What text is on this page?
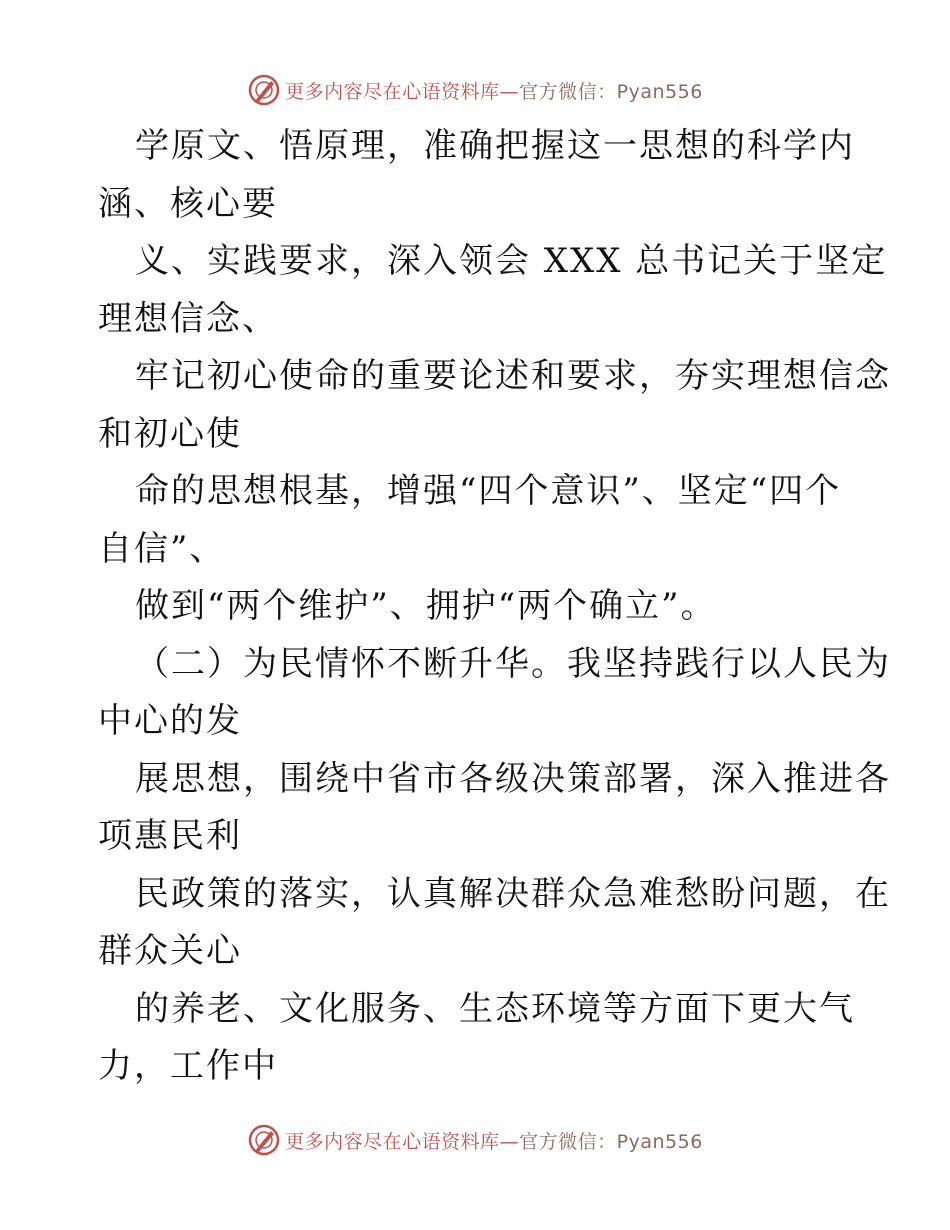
更多内容尽在心语资料库—官方微信：Pyan556
学原文、悟原理，准确把握这一思想的科学内
涵、核心要
义、实践要求，深入领会 XXX 总书记关于坚定
理想信念、
牢记初心使命的重要论述和要求，夯实理想信念
和初心使
命的思想根基，增强“四个意识”、坚定“四个
自信”、
做到“两个维护”、拥护“两个确立”。
（二）为民情怀不断升华。我坚持践行以人民为
中心的发
展思想，围绕中省市各级决策部署，深入推进各
项惠民利
民政策的落实，认真解决群众急难愁盼问题，在
群众关心
的养老、文化服务、生态环境等方面下更大气
力，工作中
更多内容尽在心语资料库—官方微信：Pyan556
